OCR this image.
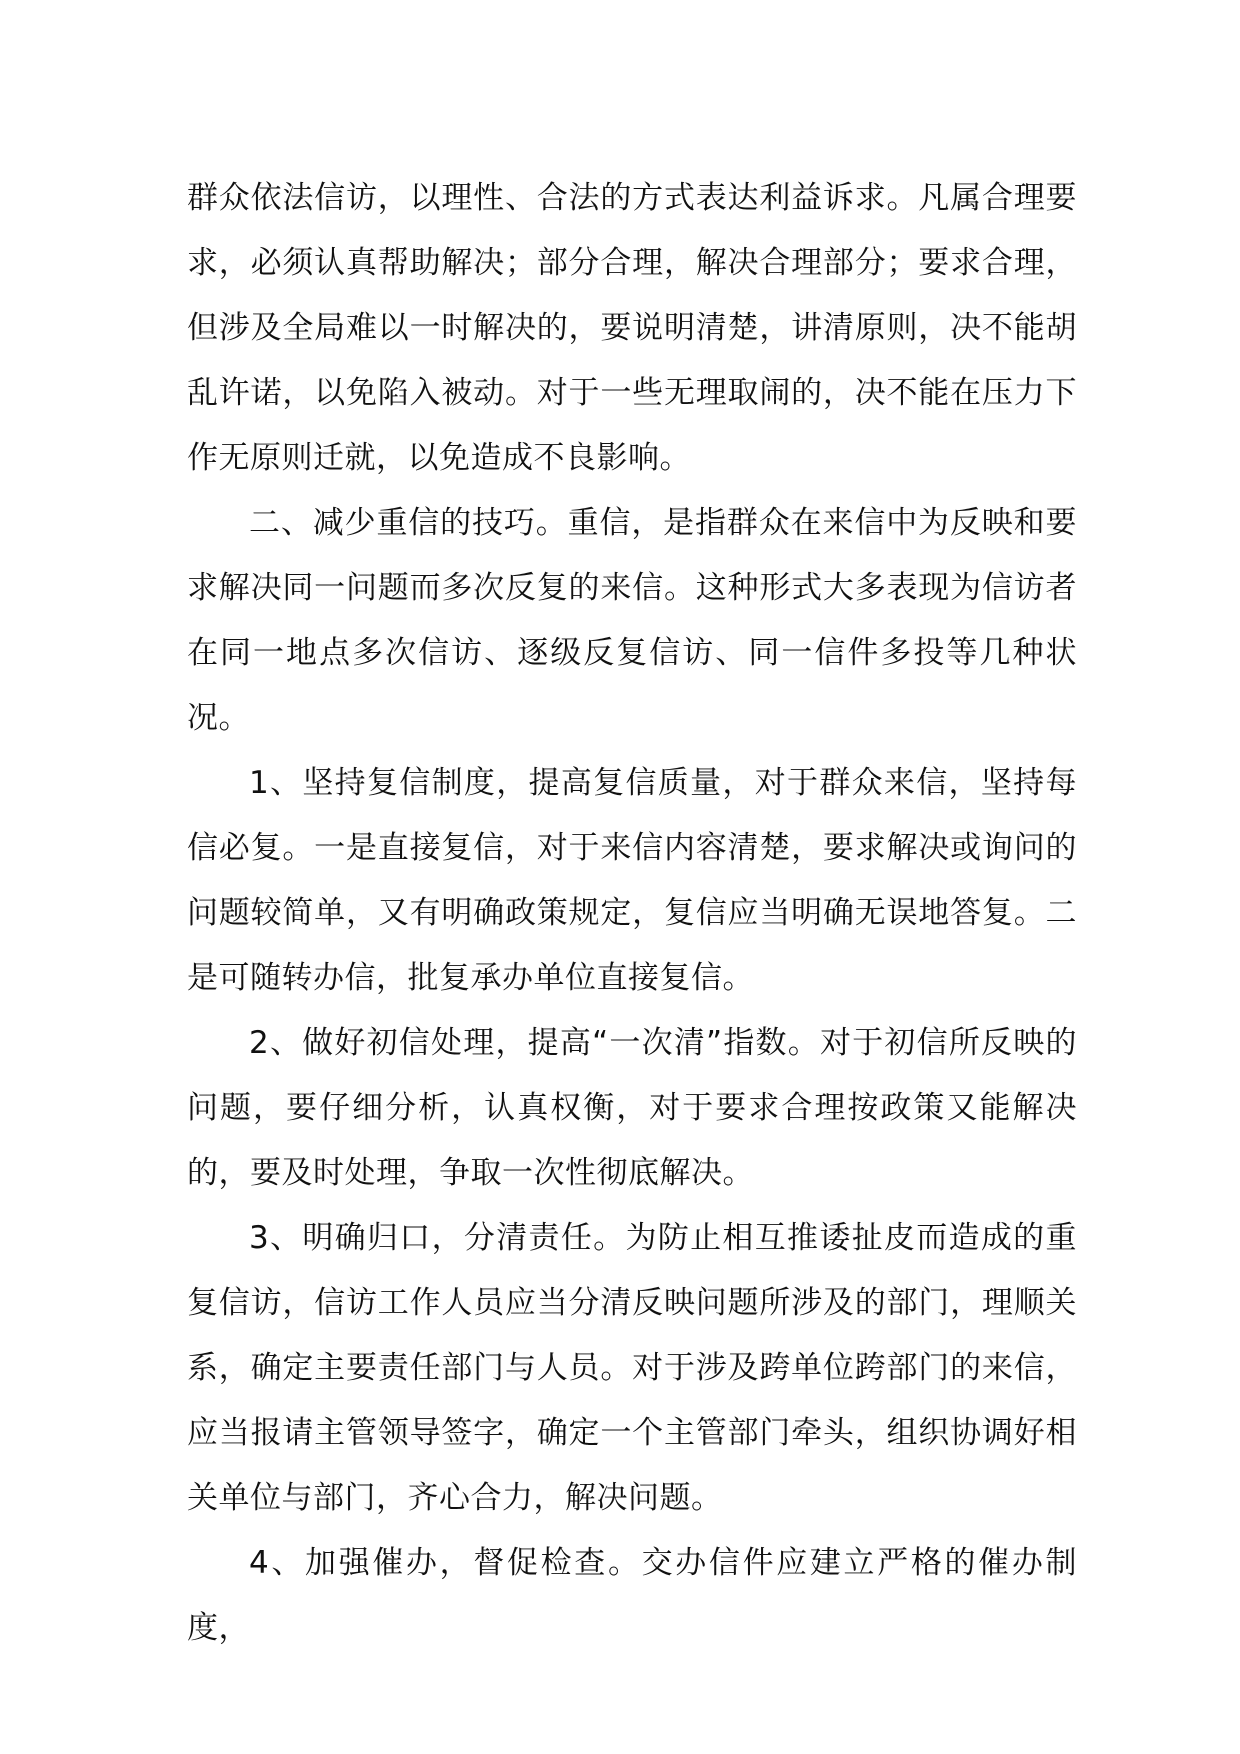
群众依法信访，以理性、合法的方式表达利益诉求。凡属合理要求，必须认真帮助解决；部分合理，解决合理部分；要求合理，但涉及全局难以一时解决的，要说明清楚，讲清原则，决不能胡乱许诺，以免陷入被动。对于一些无理取闹的，决不能在压力下作无原则迁就，以免造成不良影响。

二、减少重信的技巧。重信，是指群众在来信中为反映和要求解决同一问题而多次反复的来信。这种形式大多表现为信访者在同一地点多次信访、逐级反复信访、同一信件多投等几种状况。

1、坚持复信制度，提高复信质量，对于群众来信，坚持每信必复。一是直接复信，对于来信内容清楚，要求解决或询问的问题较简单，又有明确政策规定，复信应当明确无误地答复。二是可随转办信，批复承办单位直接复信。

2、做好初信处理，提高“一次清”指数。对于初信所反映的问题，要仔细分析，认真权衡，对于要求合理按政策又能解决的，要及时处理，争取一次性彻底解决。

3、明确归口，分清责任。为防止相互推诿扯皮而造成的重复信访，信访工作人员应当分清反映问题所涉及的部门，理顺关系，确定主要责任部门与人员。对于涉及跨单位跨部门的来信，应当报请主管领导签字，确定一个主管部门牵头，组织协调好相关单位与部门，齐心合力，解决问题。

4、加强催办，督促检查。交办信件应建立严格的催办制度，
